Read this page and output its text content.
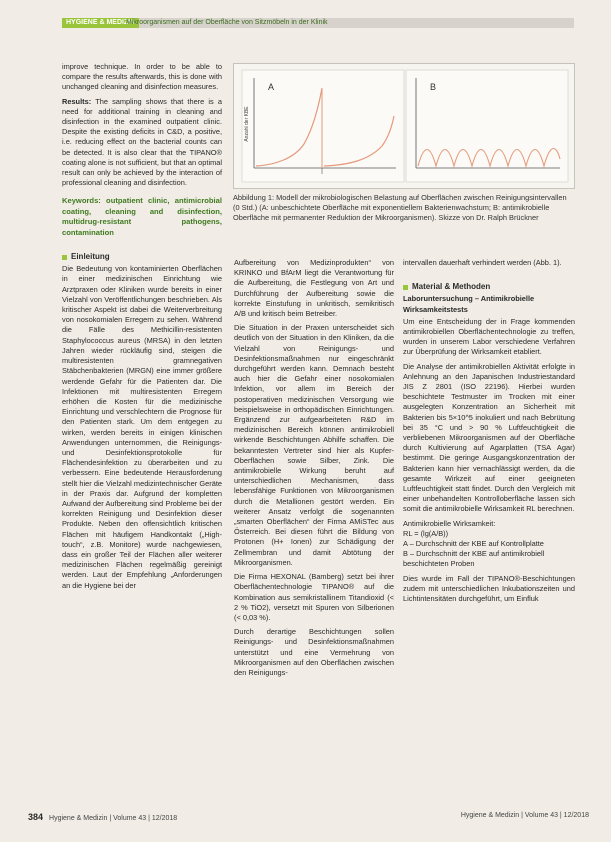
HYGIENE & MEDIZIN
Mikroorganismen auf der Oberfläche von Sitzmöbeln in der Klinik

improve technique. In order to be able to compare the results afterwards, this is done with unchanged cleaning and disinfection measures.

Results: The sampling shows that there is a need for additional training in cleaning and disinfection in the examined outpatient clinic. Despite the existing deficits in C&D, a positive, i.e. reducing effect on the bacterial counts can be detected. It is also clear that the TIPANO® coating alone is not sufficient, but that an optimal result can only be achieved by the interaction of professional cleaning and disinfection.

Keywords: outpatient clinic, antimicrobial coating, cleaning and disinfection, multidrug-resistant pathogens, contamination

Einleitung

Die Bedeutung von kontaminierten Oberflächen in einer medizinischen Einrichtung wie Arztpraxen oder Kliniken wurde bereits in einer Vielzahl von Veröffentlichungen beschrieben. Als kritischer Aspekt ist dabei die Weiterverbreitung von nosokomialen Erregern zu sehen. Während die Fälle des Methicillin-resistenten Staphylococcus aureus (MRSA) in den letzten Jahren wieder rückläufig sind, steigen die multiresistenten gramnegativen Stäbchenbakterien (MRGN) eine immer größere werdende Gefahr für die Patienten dar. Die Infektionen mit multiresistenten Erregern erhöhen die Kosten für die medizinische Einrichtung und verschlechtern die Prognose für den Patienten stark. Um dem entgegen zu wirken, werden bereits in einigen klinischen Anwendungen unternommen, die Reinigungs- und Desinfektionsprotokolle für Flächendesinfektion zu überarbeiten und zu verbessern. Eine bedeutende Herausforderung stellt hier die Vielzahl medizintechnischer Geräte in der Praxis dar. Aufgrund der kompletten Aufwand der Aufbereitung sind Probleme bei der korrekten Reinigung und Desinfektion dieser Produkte. Neben den offensichtlich kritischen Flächen mit häufigem Handkontakt („High-touch“, z.B. Monitore) wurde nachgewiesen, dass ein großer Teil der Flächen aller weiterer medizinischen Flächen regelmäßig gereinigt werden. Laut der Empfehlung „Anforderungen an die Hygiene bei der

Anzahl der KBE
A	B
Abbildung 1: Modell der mikrobiologischen Belastung auf Oberflächen zwischen Reinigungsintervallen (0 Std.) (A: unbeschichtete Oberfläche mit exponentiellem Bakterienwachstum; B: antimikrobielle Oberfläche mit permanenter Reduktion der Mikroorganismen). Skizze von Dr. Ralph Brückner

Aufbereitung von Medizinprodukten“ von KRINKO und BfArM liegt die Verantwortung für die Aufbereitung, die Festlegung von Art und Durchführung der Aufbereitung sowie die korrekte Einstufung in unkritisch, semikritisch A/B und kritisch beim Betreiber.

Die Situation in der Praxen unterscheidet sich deutlich von der Situation in den Kliniken, da die Vielzahl von Reinigungs- und Desinfektionsmaßnahmen nur eingeschränkt durchgeführt werden kann. Demnach besteht auch hier die Gefahr einer nosokomialen Infektion, vor allem im Bereich der postoperativen medizinischen Versorgung wie beispielsweise in orthopädischen Einrichtungen. Ergänzend zur aufgearbeiteten R&D im medizinischen Bereich können antimikrobiell wirkende Beschichtungen Abhilfe schaffen. Die bekanntesten Vertreter sind hier als Kupfer-Oberflächen sowie Silber, Zink. Die antimikrobielle Wirkung beruht auf unterschiedlichen Mechanismen, dass lebensfähige Funktionen von Mikroorganismen durch die Metallionen gestört werden. Ein weiterer Ansatz verfolgt die sogenannten „smarten Oberflächen“ der Firma AMiSTec aus Österreich. Bei diesen führt die Bildung von Protonen (H+ Ionen) zur Schädigung der Zellmembran und damit Abtötung der Mikroorganismen.

Die Firma HEXONAL (Bamberg) setzt bei ihrer Oberflächentechnologie TIPANO® auf die Kombination aus semikristallinem Titandioxid (< 2 % TiO2), versetzt mit Spuren von Silberionen (< 0,03 %).

Durch derartige Beschichtungen sollen Reinigungs- und Desinfektionsmaßnahmen unterstützt und eine Vermehrung von Mikroorganismen auf den Oberflächen zwischen den Reinigungs-

intervallen dauerhaft verhindert werden (Abb. 1).

Material & Methoden
Laboruntersuchung – Antimikrobielle Wirksamkeitstests

Um eine Entscheidung der in Frage kommenden antimikrobiellen Oberflächentechnologie zu treffen, wurden in unserem Labor verschiedene Verfahren zur Überprüfung der Wirksamkeit etabliert.

Die Analyse der antimikrobiellen Aktivität erfolgte in Anlehnung an den Japanischen Industriestandard JIS Z 2801 (ISO 22196). Hierbei wurden beschichtete Testmuster im Trocken mit einer ausgelegten Konzentration an Sicherheit mit Bakterien bis 5×10^5 inokuliert und nach Bebrütung bei 35 °C und > 90 % Luftfeuchtigkeit die verbliebenen Mikroorganismen auf der Oberfläche durch Kultivierung auf Agarplatten (TSA Agar) bestimmt. Die geringe Ausgangskonzentration der Bakterien kann hier vernachlässigt werden, da die gesamte Wirkzeit auf einer geeigneten Luftfeuchtigkeit statt findet. Durch den Vergleich mit einer unbehandelten Kontrolloberfläche lassen sich somit die antimikrobielle Wirksamkeit RL berechnen.

Antimikrobielle Wirksamkeit:
RL = (lg(A/B))
A – Durchschnitt der KBE auf Kontrollplatte
B – Durchschnitt der KBE auf antimikrobiell beschichteten Proben

Dies wurde im Fall der TIPANO®-Beschichtungen zudem mit unterschiedlichen Inkubationszeiten und Lichtintensitäten durchgeführt, um Einfluk

384 Hygiene & Medizin | Volume 43 | 12/2018	Hygiene & Medizin | Volume 43 | 12/2018
